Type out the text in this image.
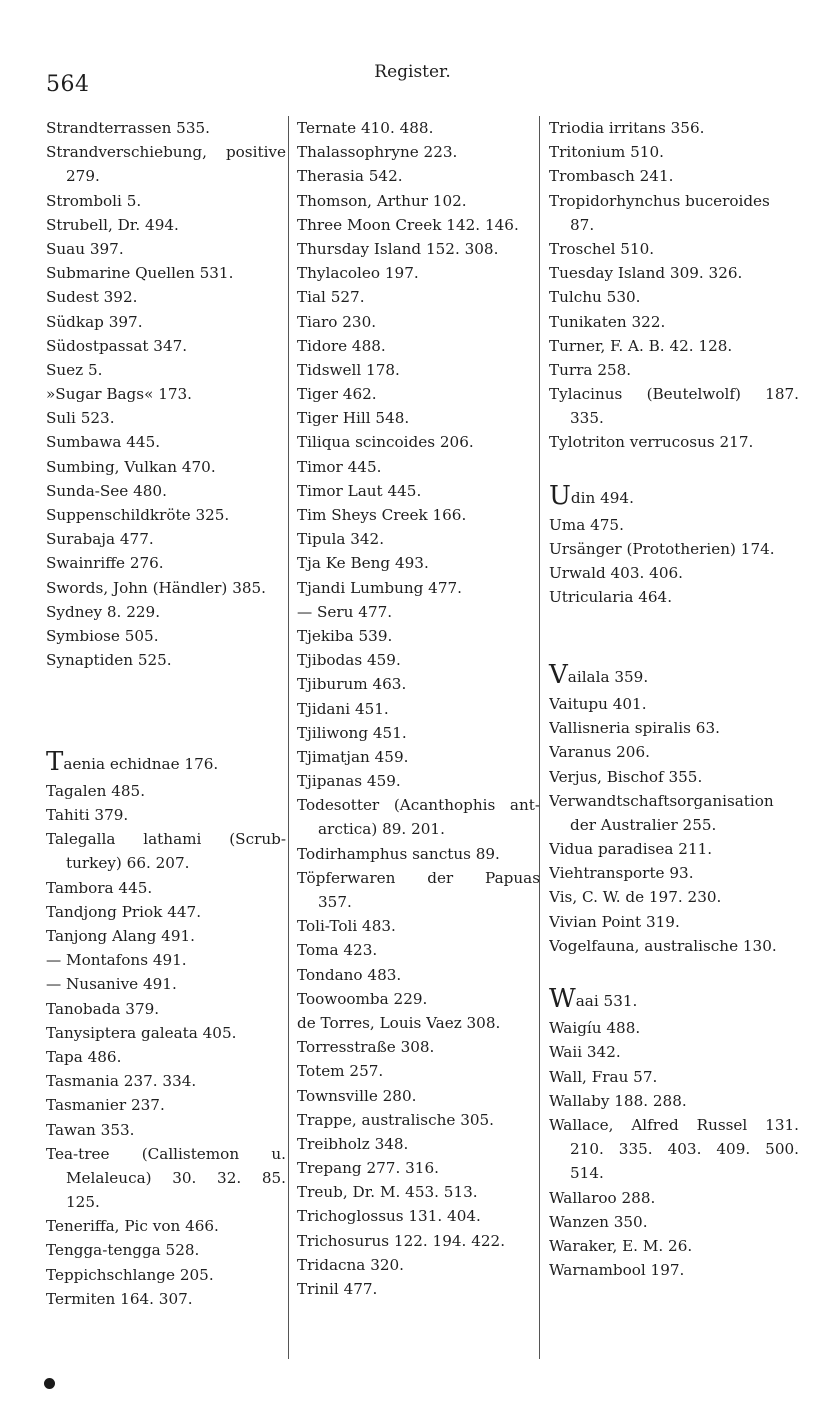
564	Register.
Strandterrassen 535.
Strandverschiebung, positive
279.
Stromboli 5.
Strubell, Dr. 494.
Suau 397.
Submarine Quellen 531.
Sudest 392.
Südkap 397.
Südostpassat 347.
Suez 5.
»Sugar Bags« 173.
Suli 523.
Sumbawa 445.
Sumbing, Vulkan 470.
Sunda-See 480.
Suppenschildkröte 325.
Surabaja 477.
Swainriffe 276.
Swords, John (Händler) 385.
Sydney 8. 229.
Symbiose 505.
Synaptiden 525.
Taenia echidnae 176.
Tagalen 485.
Tahiti 379.
Talegalla lathami (Scrub-
turkey) 66. 207.
Tambora 445.
Tandjong Priok 447.
Tanjong Alang 491.
— Montafons 491.
— Nusanive 491.
Tanobada 379.
Tanysiptera galeata 405.
Tapa 486.
Tasmania 237. 334.
Tasmanier 237.
Tawan 353.
Tea-tree (Callistemon u.
Melaleuca) 30. 32. 85.
125.
Teneriffa, Pic von 466.
Tengga-tengga 528.
Teppichschlange 205.
Termiten 164. 307.
Ternate 410. 488.
Thalassophryne 223.
Therasia 542.
Thomson, Arthur 102.
Three Moon Creek 142. 146.
Thursday Island 152. 308.
Thylacoleo 197.
Tial 527.
Tiaro 230.
Tidore 488.
Tidswell 178.
Tiger 462.
Tiger Hill 548.
Tiliqua scincoides 206.
Timor 445.
Timor Laut 445.
Tim Sheys Creek 166.
Tipula 342.
Tja Ke Beng 493.
Tjandi Lumbung 477.
— Seru 477.
Tjekiba 539.
Tjibodas 459.
Tjiburum 463.
Tjidani 451.
Tjiliwong 451.
Tjimatjan 459.
Tjipanas 459.
Todesotter (Acanthophis ant-
arctica) 89. 201.
Todirhamphus sanctus 89.
Töpferwaren der Papuas
357.
Toli-Toli 483.
Toma 423.
Tondano 483.
Toowoomba 229.
de Torres, Louis Vaez 308.
Torresstraße 308.
Totem 257.
Townsville 280.
Trappe, australische 305.
Treibholz 348.
Trepang 277. 316.
Treub, Dr. M. 453. 513.
Trichoglossus 131. 404.
Trichosurus 122. 194. 422.
Tridacna 320.
Trinil 477.
Triodia irritans 356.
Tritonium 510.
Trombasch 241.
Tropidorhynchus buceroides
87.
Troschel 510.
Tuesday Island 309. 326.
Tulchu 530.
Tunikaten 322.
Turner, F. A. B. 42. 128.
Turra 258.
Tylacinus (Beutelwolf) 187.
335.
Tylotriton verrucosus 217.
Udin 494.
Uma 475.
Ursänger (Prototherien) 174.
Urwald 403. 406.
Utricularia 464.
Vailala 359.
Vaitupu 401.
Vallisneria spiralis 63.
Varanus 206.
Verjus, Bischof 355.
Verwandtschaftsorganisation
der Australier 255.
Vidua paradisea 211.
Viehtransporte 93.
Vis, C. W. de 197. 230.
Vivian Point 319.
Vogelfauna, australische 130.
Waai 531.
Waigíu 488.
Waii 342.
Wall, Frau 57.
Wallaby 188. 288.
Wallace, Alfred Russel 131.
210. 335. 403. 409. 500.
514.
Wallaroo 288.
Wanzen 350.
Waraker, E. M. 26.
Warnambool 197.
